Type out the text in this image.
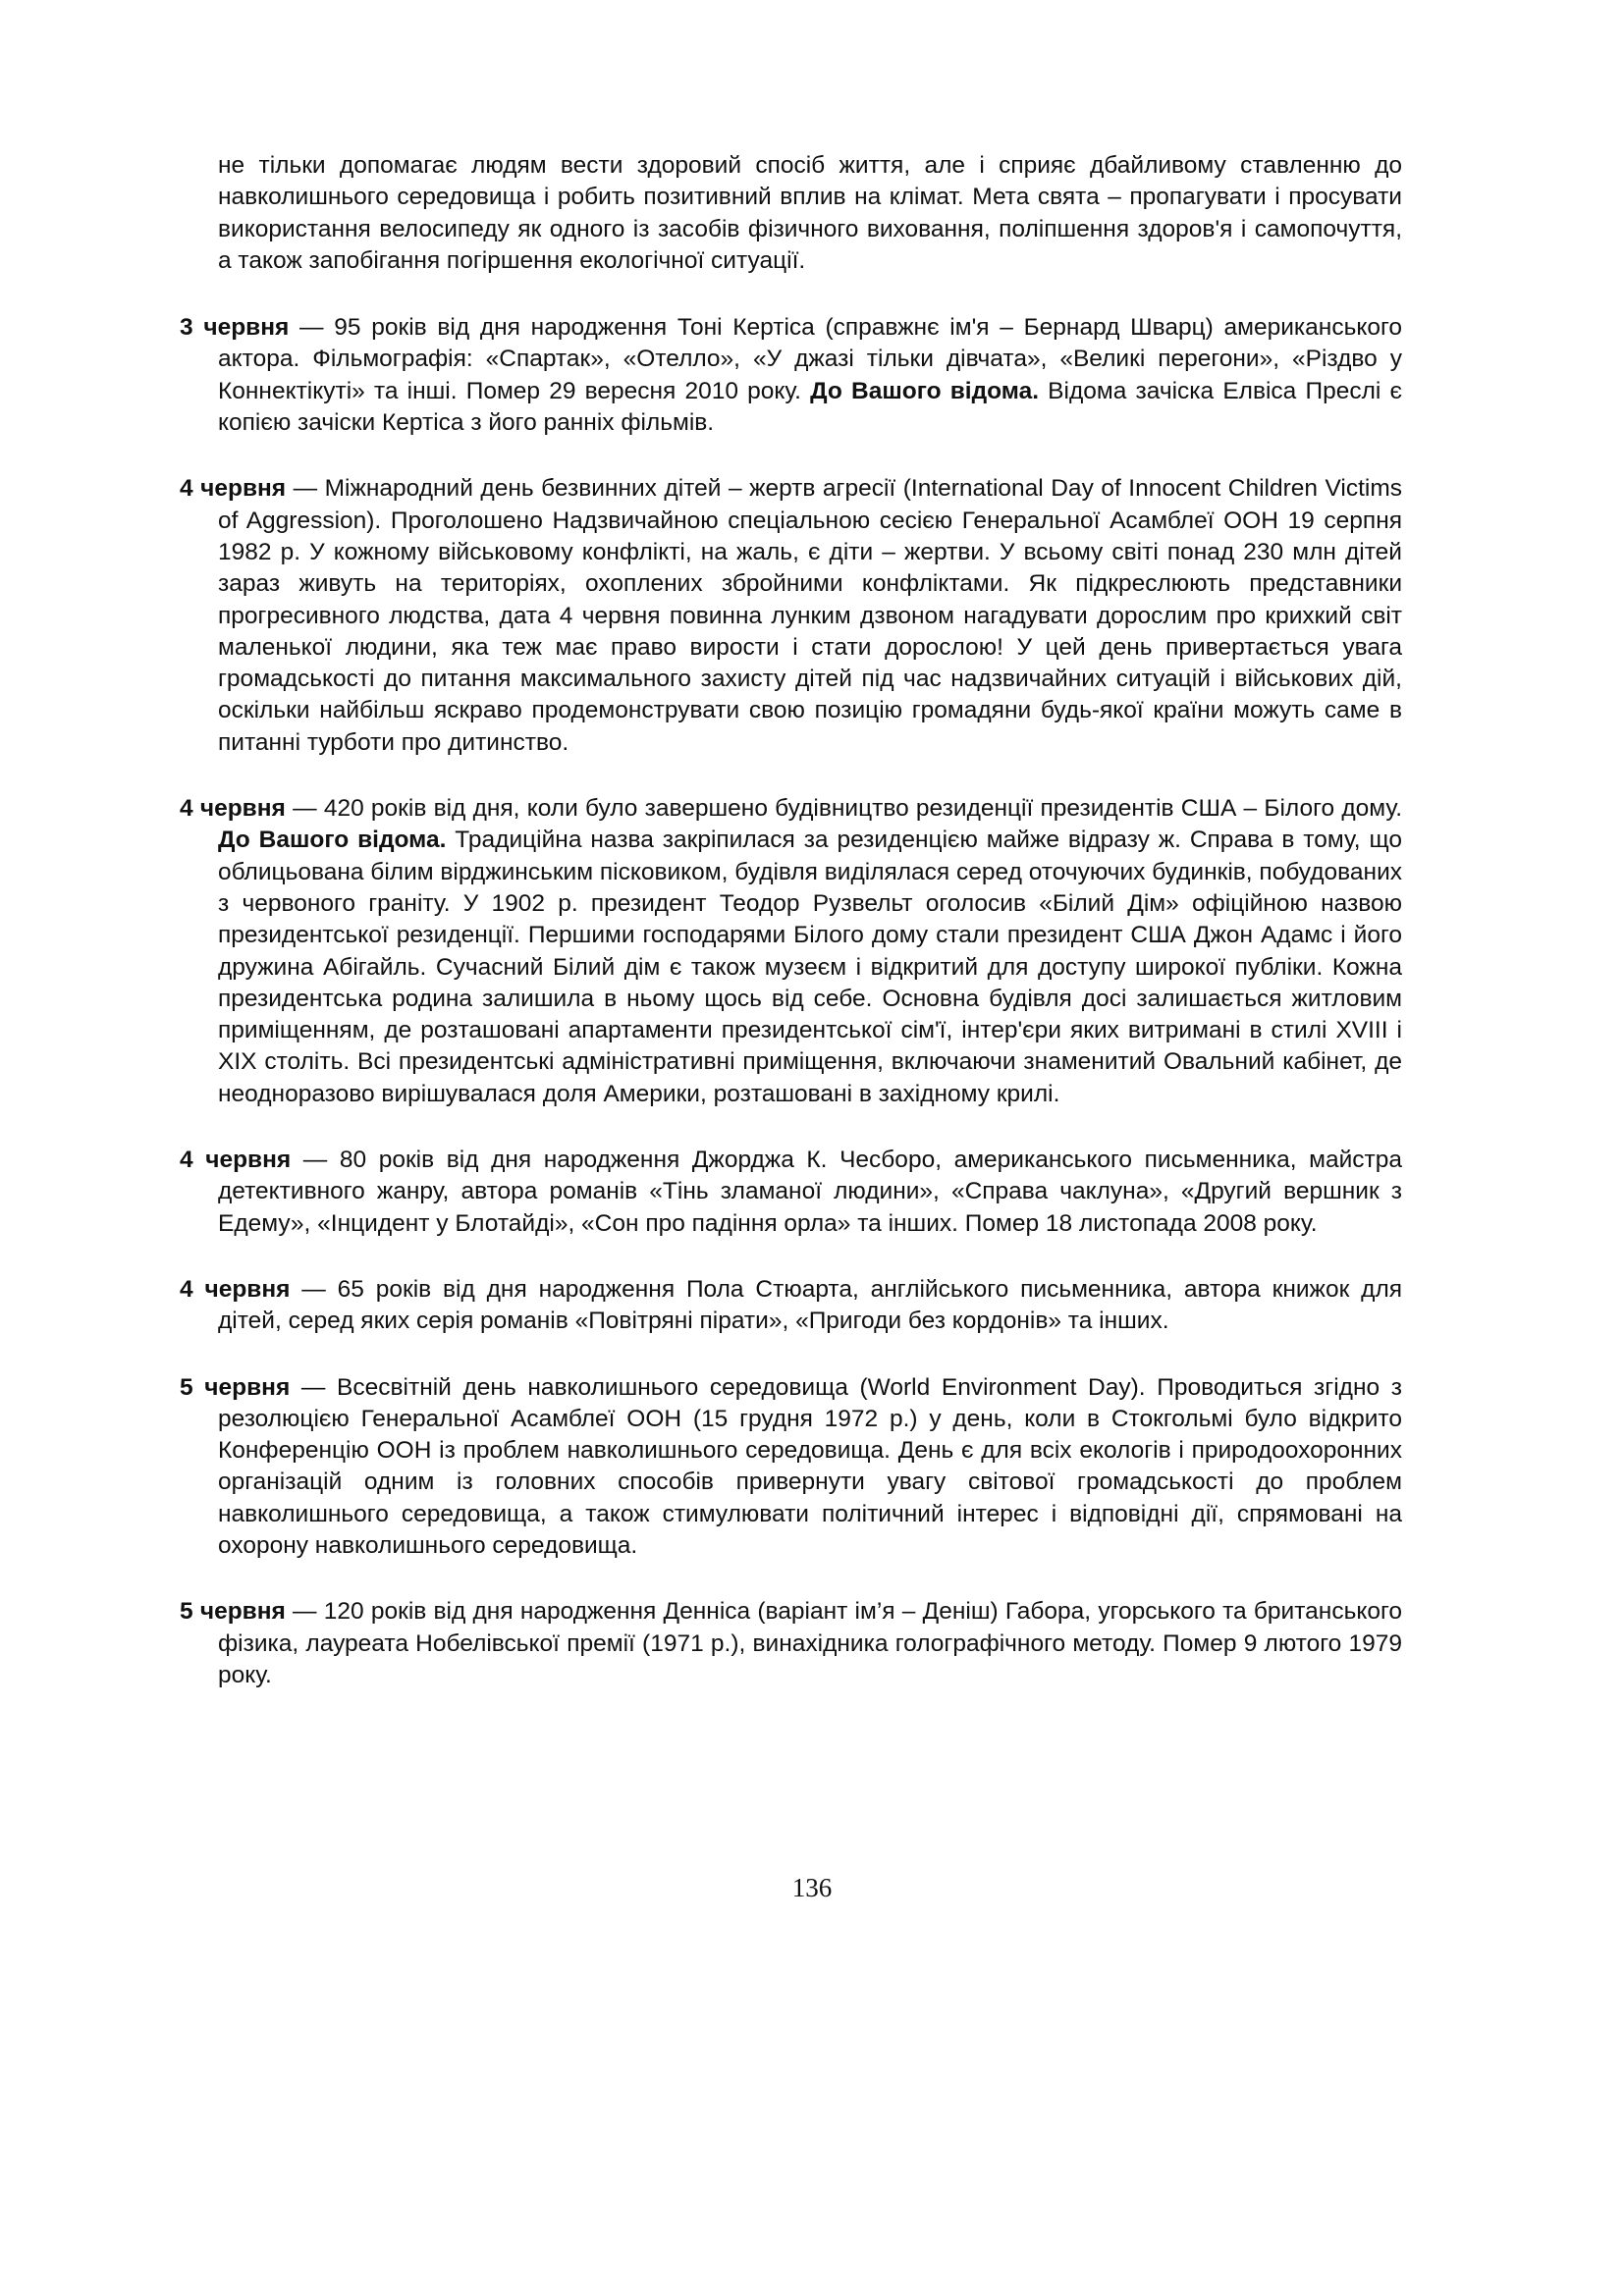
не тільки допомагає людям вести здоровий спосіб життя, але і сприяє дбайливому ставленню до навколишнього середовища і робить позитивний вплив на клімат. Мета свята – пропагувати і просувати використання велосипеду як одного із засобів фізичного виховання, поліпшення здоров'я і самопочуття, а також запобігання погіршення екологічної ситуації.

3 червня — 95 років від дня народження Тоні Кертіса (справжнє ім'я – Бернард Шварц) американського актора. Фільмографія: «Спартак», «Отелло», «У джазі тільки дівчата», «Великі перегони», «Різдво у Коннектікуті» та інші. Помер 29 вересня 2010 року. До Вашого відома. Відома зачіска Елвіса Преслі є копією зачіски Кертіса з його ранніх фільмів.

4 червня — Міжнародний день безвинних дітей – жертв агресії (International Day of Innocent Children Victims of Aggression). Проголошено Надзвичайною спеціальною сесією Генеральної Асамблеї ООН 19 серпня 1982 р. У кожному військовому конфлікті, на жаль, є діти – жертви. У всьому світі понад 230 млн дітей зараз живуть на територіях, охоплених збройними конфліктами. Як підкреслюють представники прогресивного людства, дата 4 червня повинна лунким дзвоном нагадувати дорослим про крихкий світ маленької людини, яка теж має право вирости і стати дорослою! У цей день привертається увага громадськості до питання максимального захисту дітей під час надзвичайних ситуацій і військових дій, оскільки найбільш яскраво продемонструвати свою позицію громадяни будь-якої країни можуть саме в питанні турботи про дитинство.

4 червня — 420 років від дня, коли було завершено будівництво резиденції президентів США – Білого дому. До Вашого відома. Традиційна назва закріпилася за резиденцією майже відразу ж. Справа в тому, що облицьована білим вірджинським пісковиком, будівля виділялася серед оточуючих будинків, побудованих з червоного граніту. У 1902 р. президент Теодор Рузвельт оголосив «Білий Дім» офіційною назвою президентської резиденції. Першими господарями Білого дому стали президент США Джон Адамс і його дружина Абігайль. Сучасний Білий дім є також музеєм і відкритий для доступу широкої публіки. Кожна президентська родина залишила в ньому щось від себе. Основна будівля досі залишається житловим приміщенням, де розташовані апартаменти президентської сім'ї, інтер'єри яких витримані в стилі XVIII і XIX століть. Всі президентські адміністративні приміщення, включаючи знаменитий Овальний кабінет, де неодноразово вирішувалася доля Америки, розташовані в західному крилі.

4 червня — 80 років від дня народження Джорджа К. Чесборо, американського письменника, майстра детективного жанру, автора романів «Тінь зламаної людини», «Справа чаклуна», «Другий вершник з Едему», «Інцидент у Блотайді», «Сон про падіння орла» та інших. Помер 18 листопада 2008 року.

4 червня — 65 років від дня народження Пола Стюарта, англійського письменника, автора книжок для дітей, серед яких серія романів «Повітряні пірати», «Пригоди без кордонів» та інших.

5 червня — Всесвітній день навколишнього середовища (World Environment Day). Проводиться згідно з резолюцією Генеральної Асамблеї ООН (15 грудня 1972 р.) у день, коли в Стокгольмі було відкрито Конференцію ООН із проблем навколишнього середовища. День є для всіх екологів і природоохоронних організацій одним із головних способів привернути увагу світової громадськості до проблем навколишнього середовища, а також стимулювати політичний інтерес і відповідні дії, спрямовані на охорону навколишнього середовища.

5 червня — 120 років від дня народження Денніса (варіант ім’я – Деніш) Габора, угорського та британського фізика, лауреата Нобелівської премії (1971 р.), винахідника голографічного методу. Помер 9 лютого 1979 року.

136
